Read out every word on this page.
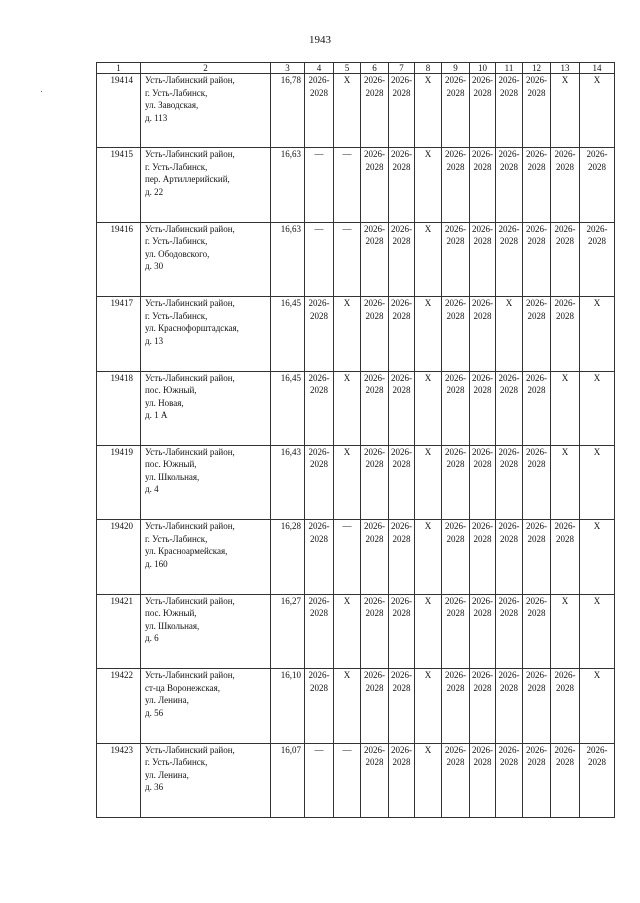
1943
1	2	3	4	5	6	7	8	9	10	11	12	13	14

19414	Усть-Лабинский район,
г. Усть-Лабинск,
ул. Заводская,
д. 113	16,78	2026-
2028	X	2026-
2028	2026-
2028	X	2026-
2028	2026-
2028	2026-
2028	2026-
2028	X	X

19415	Усть-Лабинский район,
г. Усть-Лабинск,
пер. Артиллерийский,
д. 22	16,63	—	—	2026-
2028	2026-
2028	X	2026-
2028	2026-
2028	2026-
2028	2026-
2028	2026-
2028	2026-
2028

19416	Усть-Лабинский район,
г. Усть-Лабинск,
ул. Ободовского,
д. 30	16,63	—	—	2026-
2028	2026-
2028	X	2026-
2028	2026-
2028	2026-
2028	2026-
2028	2026-
2028	2026-
2028

19417	Усть-Лабинский район,
г. Усть-Лабинск,
ул. Краснофорштадская,
д. 13	16,45	2026-
2028	X	2026-
2028	2026-
2028	X	2026-
2028	2026-
2028	X	2026-
2028	2026-
2028	X

19418	Усть-Лабинский район,
пос. Южный,
ул. Новая,
д. 1 А	16,45	2026-
2028	X	2026-
2028	2026-
2028	X	2026-
2028	2026-
2028	2026-
2028	2026-
2028	X	X

19419	Усть-Лабинский район,
пос. Южный,
ул. Школьная,
д. 4	16,43	2026-
2028	X	2026-
2028	2026-
2028	X	2026-
2028	2026-
2028	2026-
2028	2026-
2028	X	X

19420	Усть-Лабинский район,
г. Усть-Лабинск,
ул. Красноармейская,
д. 160	16,28	2026-
2028	—	2026-
2028	2026-
2028	X	2026-
2028	2026-
2028	2026-
2028	2026-
2028	2026-
2028	X

19421	Усть-Лабинский район,
пос. Южный,
ул. Школьная,
д. 6	16,27	2026-
2028	X	2026-
2028	2026-
2028	X	2026-
2028	2026-
2028	2026-
2028	2026-
2028	X	X

19422	Усть-Лабинский район,
ст-ца Воронежская,
ул. Ленина,
д. 56	16,10	2026-
2028	X	2026-
2028	2026-
2028	X	2026-
2028	2026-
2028	2026-
2028	2026-
2028	2026-
2028	X

19423	Усть-Лабинский район,
г. Усть-Лабинск,
ул. Ленина,
д. 36	16,07	—	—	2026-
2028	2026-
2028	X	2026-
2028	2026-
2028	2026-
2028	2026-
2028	2026-
2028	2026-
2028
